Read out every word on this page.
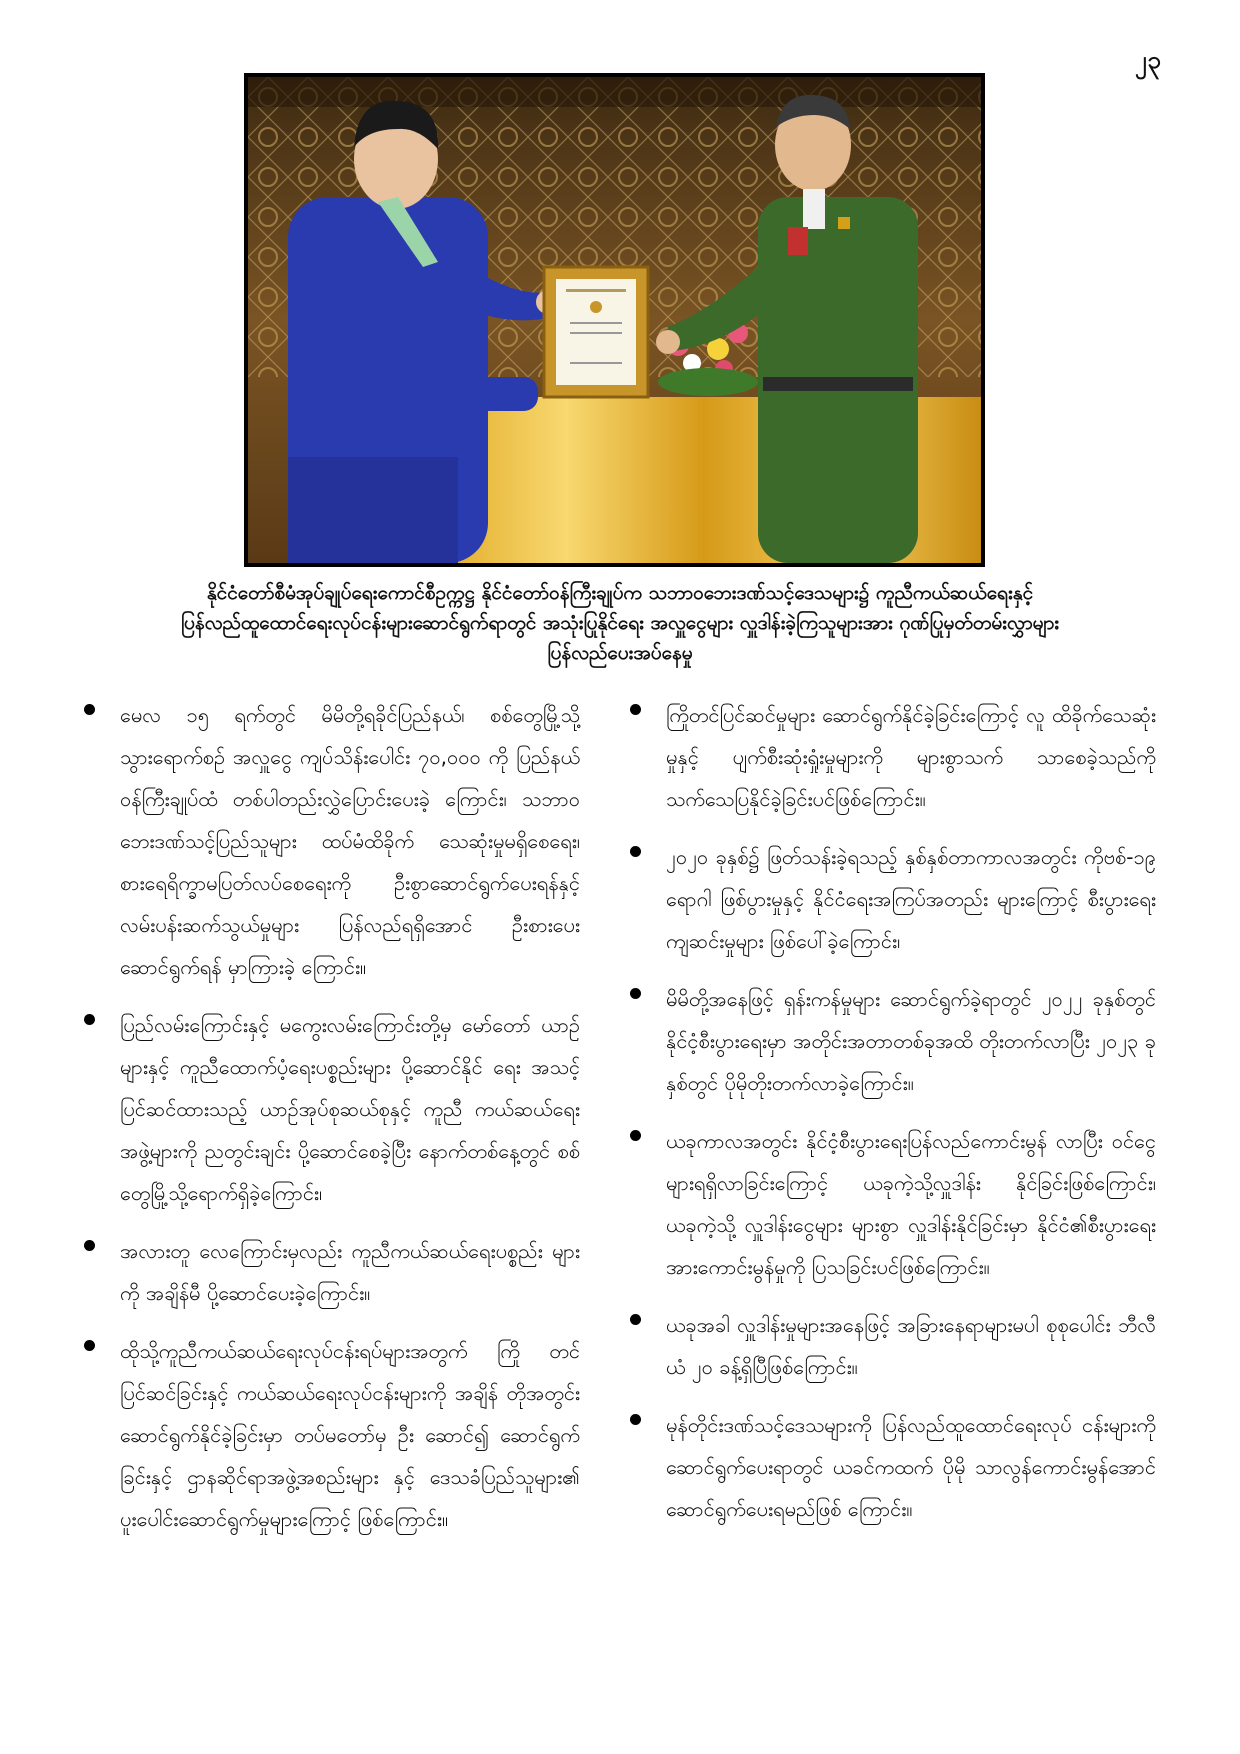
၂၃
နိုင်ငံတော်စီမံအုပ်ချုပ်ရေးကောင်စီဥက္ကဋ္ဌ နိုင်ငံတော်ဝန်ကြီးချုပ်က သဘာဝဘေးဒဏ်သင့်ဒေသများ၌ ကူညီကယ်ဆယ်ရေးနှင့်
ပြန်လည်ထူထောင်ရေးလုပ်ငန်းများဆောင်ရွက်ရာတွင် အသုံးပြုနိုင်ရေး အလှူငွေများ လှူဒါန်းခဲ့ကြသူများအား ဂုဏ်ပြုမှတ်တမ်းလွှာများ
ပြန်လည်ပေးအပ်နေမှု
မေလ ၁၅ ရက်တွင် မိမိတို့ရခိုင်ပြည်နယ်၊ စစ်တွေမြို့သို့ သွားရောက်စဉ် အလှူငွေ ကျပ်သိန်းပေါင်း ၇၀,၀၀၀ ကို ပြည်နယ်ဝန်ကြီးချုပ်ထံ တစ်ပါတည်းလွှဲပြောင်းပေးခဲ့ ကြောင်း၊ သဘာဝဘေးဒဏ်သင့်ပြည်သူများ ထပ်မံထိခိုက် သေဆုံးမှုမရှိစေရေး၊ စားရေရိက္ခာမပြတ်လပ်စေရေးကို ဦးစွာဆောင်ရွက်ပေးရန်နှင့် လမ်းပန်းဆက်သွယ်မှုများ ပြန်လည်ရရှိအောင် ဦးစားပေးဆောင်ရွက်ရန် မှာကြားခဲ့ ကြောင်း။
ပြည်လမ်းကြောင်းနှင့် မကွေးလမ်းကြောင်းတို့မှ မော်တော် ယာဉ်များနှင့် ကူညီထောက်ပံ့ရေးပစ္စည်းများ ပို့ဆောင်နိုင် ရေး အသင့်ပြင်ဆင်ထားသည့် ယာဉ်အုပ်စုဆယ်စုနှင့် ကူညီ ကယ်ဆယ်ရေးအဖွဲ့များကို ညတွင်းချင်း ပို့ဆောင်စေခဲ့ပြီး နောက်တစ်နေ့တွင် စစ်တွေမြို့သို့ရောက်ရှိခဲ့ကြောင်း၊
အလားတူ လေကြောင်းမှလည်း ကူညီကယ်ဆယ်ရေးပစ္စည်း များကို အချိန်မီ ပို့ဆောင်ပေးခဲ့ကြောင်း။
ထိုသို့ကူညီကယ်ဆယ်ရေးလုပ်ငန်းရပ်များအတွက် ကြို တင်ပြင်ဆင်ခြင်းနှင့် ကယ်ဆယ်ရေးလုပ်ငန်းများကို အချိန် တိုအတွင်း ဆောင်ရွက်နိုင်ခဲ့ခြင်းမှာ တပ်မတော်မှ ဦး ဆောင်၍ ဆောင်ရွက်ခြင်းနှင့် ဌာနဆိုင်ရာအဖွဲ့အစည်းများ နှင့် ဒေသခံပြည်သူများ၏ ပူးပေါင်းဆောင်ရွက်မှုများကြောင့် ဖြစ်ကြောင်း။
ကြိုတင်ပြင်ဆင်မှုများ ဆောင်ရွက်နိုင်ခဲ့ခြင်းကြောင့် လူ ထိခိုက်သေဆုံးမှုနှင့် ပျက်စီးဆုံးရှုံးမှုများကို များစွာသက် သာစေခဲ့သည်ကို သက်သေပြနိုင်ခဲ့ခြင်းပင်ဖြစ်ကြောင်း။
၂၀၂၀ ခုနှစ်၌ ဖြတ်သန်းခဲ့ရသည့် နှစ်နှစ်တာကာလအတွင်း ကိုဗစ်-၁၉ ရောဂါ ဖြစ်ပွားမှုနှင့် နိုင်ငံရေးအကြပ်အတည်း များကြောင့် စီးပွားရေးကျဆင်းမှုများ ဖြစ်ပေါ်ခဲ့ကြောင်း၊
မိမိတို့အနေဖြင့် ရှန်းကန်မှုများ ဆောင်ရွက်ခဲ့ရာတွင် ၂၀၂၂ ခုနှစ်တွင် နိုင်ငံ့စီးပွားရေးမှာ အတိုင်းအတာတစ်ခုအထိ တိုးတက်လာပြီး ၂၀၂၃ ခုနှစ်တွင် ပိုမိုတိုးတက်လာခဲ့ကြောင်း။
ယခုကာလအတွင်း နိုင်ငံ့စီးပွားရေးပြန်လည်ကောင်းမွန် လာပြီး ဝင်ငွေများရရှိလာခြင်းကြောင့် ယခုကဲ့သို့လှူဒါန်း နိုင်ခြင်းဖြစ်ကြောင်း၊ ယခုကဲ့သို့ လှူဒါန်းငွေများ များစွာ လှူဒါန်းနိုင်ခြင်းမှာ နိုင်ငံ၏စီးပွားရေးအားကောင်းမွန်မှုကို ပြသခြင်းပင်ဖြစ်ကြောင်း။
ယခုအခါ လှူဒါန်းမှုများအနေဖြင့် အခြားနေရာများမပါ စုစုပေါင်း ဘီလီယံ ၂၀ ခန့်ရှိပြီဖြစ်ကြောင်း။
မုန်တိုင်းဒဏ်သင့်ဒေသများကို ပြန်လည်ထူထောင်ရေးလုပ် ငန်းများကို ဆောင်ရွက်ပေးရာတွင် ယခင်ကထက် ပိုမို သာလွန်ကောင်းမွန်အောင် ဆောင်ရွက်ပေးရမည်ဖြစ် ကြောင်း။
